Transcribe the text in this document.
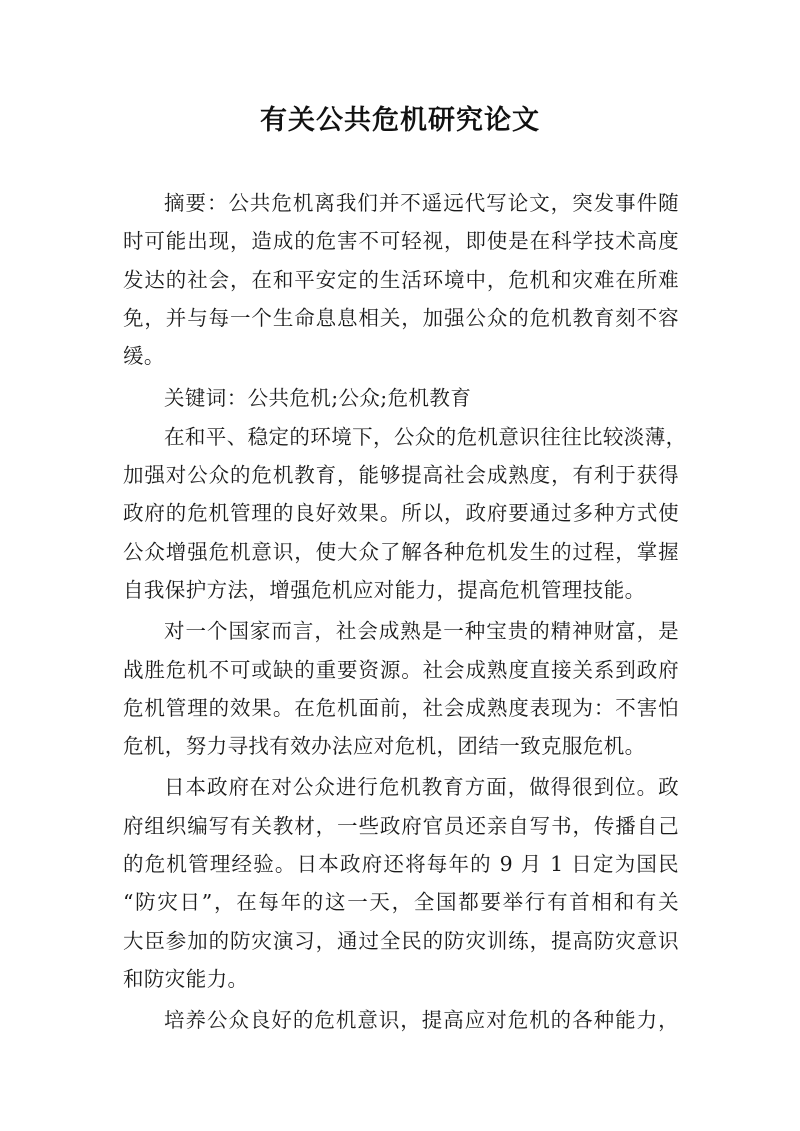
有关公共危机研究论文

摘要：公共危机离我们并不遥远代写论文，突发事件随
时可能出现，造成的危害不可轻视，即使是在科学技术高度
发达的社会，在和平安定的生活环境中，危机和灾难在所难
免，并与每一个生命息息相关，加强公众的危机教育刻不容
缓。

关键词：公共危机;公众;危机教育

在和平、稳定的环境下，公众的危机意识往往比较淡薄，
加强对公众的危机教育，能够提高社会成熟度，有利于获得
政府的危机管理的良好效果。所以，政府要通过多种方式使
公众增强危机意识，使大众了解各种危机发生的过程，掌握
自我保护方法，增强危机应对能力，提高危机管理技能。

对一个国家而言，社会成熟是一种宝贵的精神财富，是
战胜危机不可或缺的重要资源。社会成熟度直接关系到政府
危机管理的效果。在危机面前，社会成熟度表现为：不害怕
危机，努力寻找有效办法应对危机，团结一致克服危机。

日本政府在对公众进行危机教育方面，做得很到位。政
府组织编写有关教材，一些政府官员还亲自写书，传播自己
的危机管理经验。日本政府还将每年的 9 月 1 日定为国民
“防灾日”，在每年的这一天，全国都要举行有首相和有关
大臣参加的防灾演习，通过全民的防灾训练，提高防灾意识
和防灾能力。

培养公众良好的危机意识，提高应对危机的各种能力，
